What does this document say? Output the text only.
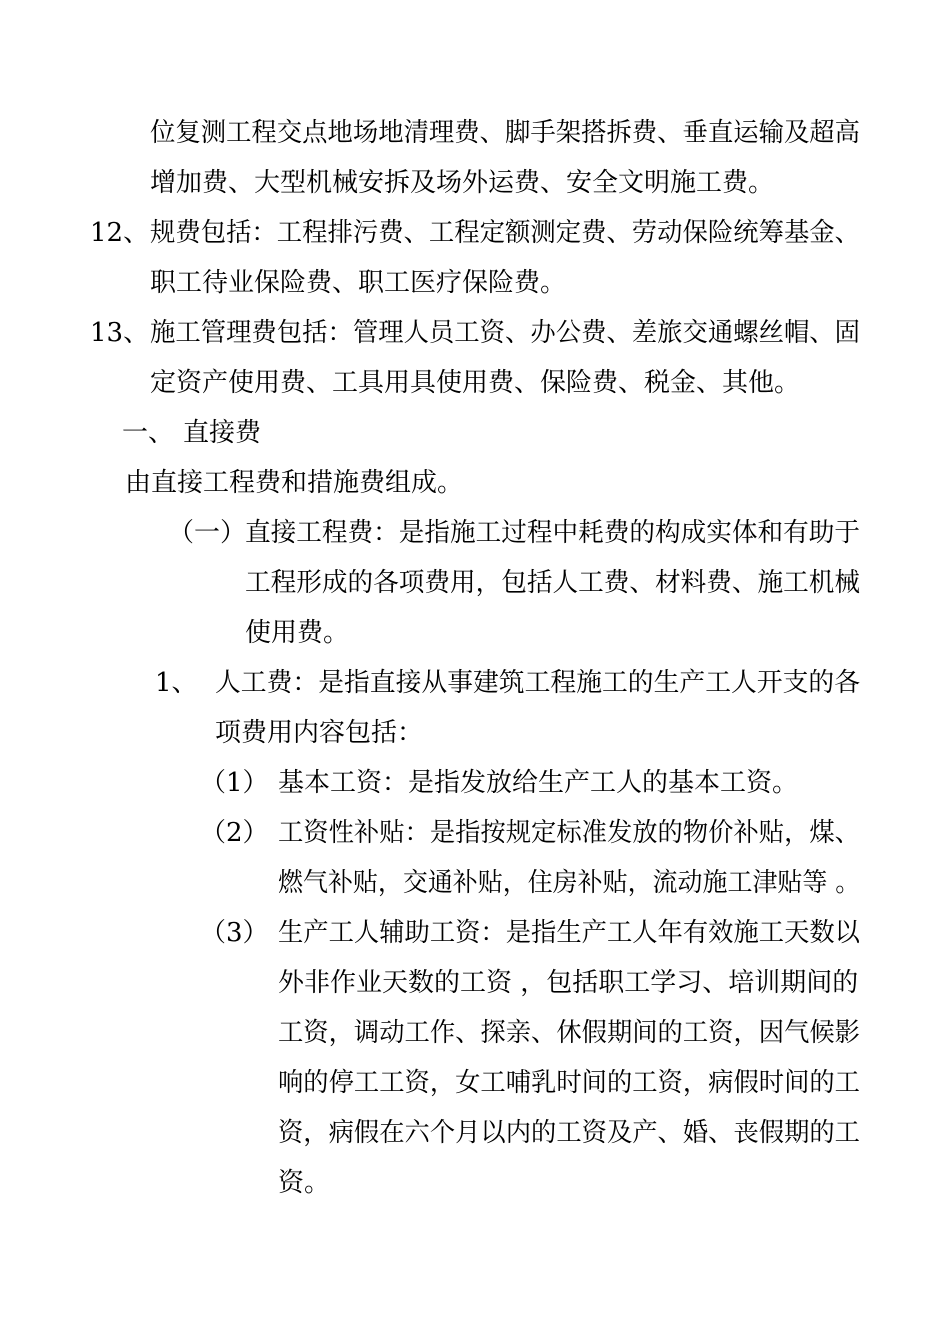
位复测工程交点地场地清理费、脚手架搭拆费、垂直运输及超高
增加费、大型机械安拆及场外运费、安全文明施工费。
12、 规费包括：工程排污费、工程定额测定费、劳动保险统筹基金、
职工待业保险费、职工医疗保险费。
13、 施工管理费包括：管理人员工资、办公费、差旅交通螺丝帽、固
定资产使用费、工具用具使用费、保险费、税金、其他。
一、 直接费
由直接工程费和措施费组成。
（一）
直接工程费：是指施工过程中耗费的构成实体和有助于
工程形成的各项费用，包括人工费、材料费、施工机械
使用费。
1、 人工费：是指直接从事建筑工程施工的生产工人开支的各
项费用内容包括：
（1） 基本工资：是指发放给生产工人的基本工资。
（2） 工资性补贴：是指按规定标准发放的物价补贴，煤、
燃气补贴，交通补贴，住房补贴，流动施工津贴等 。
（3） 生产工人辅助工资：是指生产工人年有效施工天数以
外非作业天数的工资 ，包括职工学习、培训期间的
工资，调动工作、探亲、休假期间的工资，因气候影
响的停工工资，女工哺乳时间的工资，病假时间的工
资，病假在六个月以内的工资及产、婚、丧假期的工
资。
